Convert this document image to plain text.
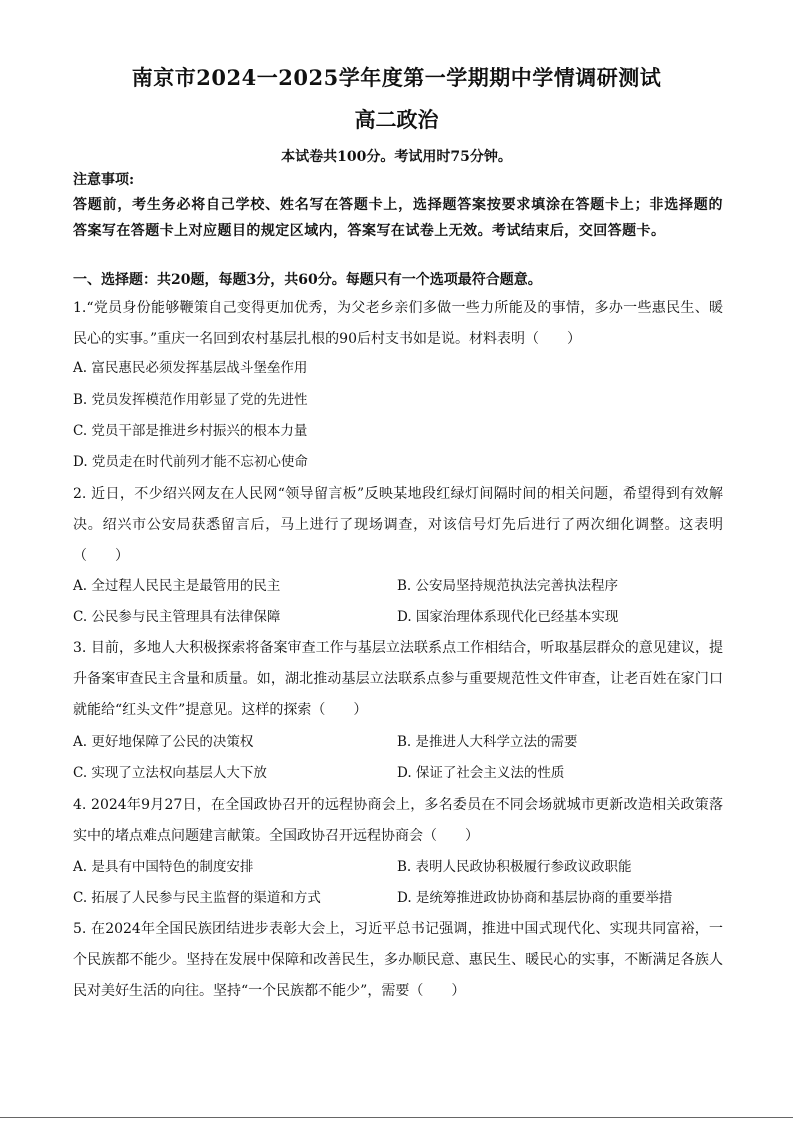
南京市2024一2025学年度第一学期期中学情调研测试
高二政治
本试卷共100分。考试用时75分钟。
注意事项:
答题前，考生务必将自己学校、姓名写在答题卡上，选择题答案按要求填涂在答题卡上；非选择题的答案写在答题卡上对应题目的规定区域内，答案写在试卷上无效。考试结束后，交回答题卡。
一、选择题：共20题，每题3分，共60分。每题只有一个选项最符合题意。
1.“党员身份能够鞭策自己变得更加优秀，为父老乡亲们多做一些力所能及的事情，多办一些惠民生、暖民心的实事。”重庆一名回到农村基层扎根的90后村支书如是说。材料表明（　　）
A. 富民惠民必须发挥基层战斗堡垒作用
B. 党员发挥模范作用彰显了党的先进性
C. 党员干部是推进乡村振兴的根本力量
D. 党员走在时代前列才能不忘初心使命
2. 近日，不少绍兴网友在人民网“领导留言板”反映某地段红绿灯间隔时间的相关问题，希望得到有效解决。绍兴市公安局获悉留言后，马上进行了现场调查，对该信号灯先后进行了两次细化调整。这表明（　　）
A. 全过程人民民主是最管用的民主	B. 公安局坚持规范执法完善执法程序
C. 公民参与民主管理具有法律保障	D. 国家治理体系现代化已经基本实现
3. 目前，多地人大积极探索将备案审查工作与基层立法联系点工作相结合，听取基层群众的意见建议，提升备案审查民主含量和质量。如，湖北推动基层立法联系点参与重要规范性文件审查，让老百姓在家门口就能给“红头文件”提意见。这样的探索（　　）
A. 更好地保障了公民的决策权	B. 是推进人大科学立法的需要
C. 实现了立法权向基层人大下放	D. 保证了社会主义法的性质
4. 2024年9月27日，在全国政协召开的远程协商会上，多名委员在不同会场就城市更新改造相关政策落实中的堵点难点问题建言献策。全国政协召开远程协商会（　　）
A. 是具有中国特色的制度安排	B. 表明人民政协积极履行参政议政职能
C. 拓展了人民参与民主监督的渠道和方式	D. 是统筹推进政协协商和基层协商的重要举措
5. 在2024年全国民族团结进步表彰大会上，习近平总书记强调，推进中国式现代化、实现共同富裕，一个民族都不能少。坚持在发展中保障和改善民生，多办顺民意、惠民生、暖民心的实事，不断满足各族人民对美好生活的向往。坚持“一个民族都不能少”，需要（　　）
